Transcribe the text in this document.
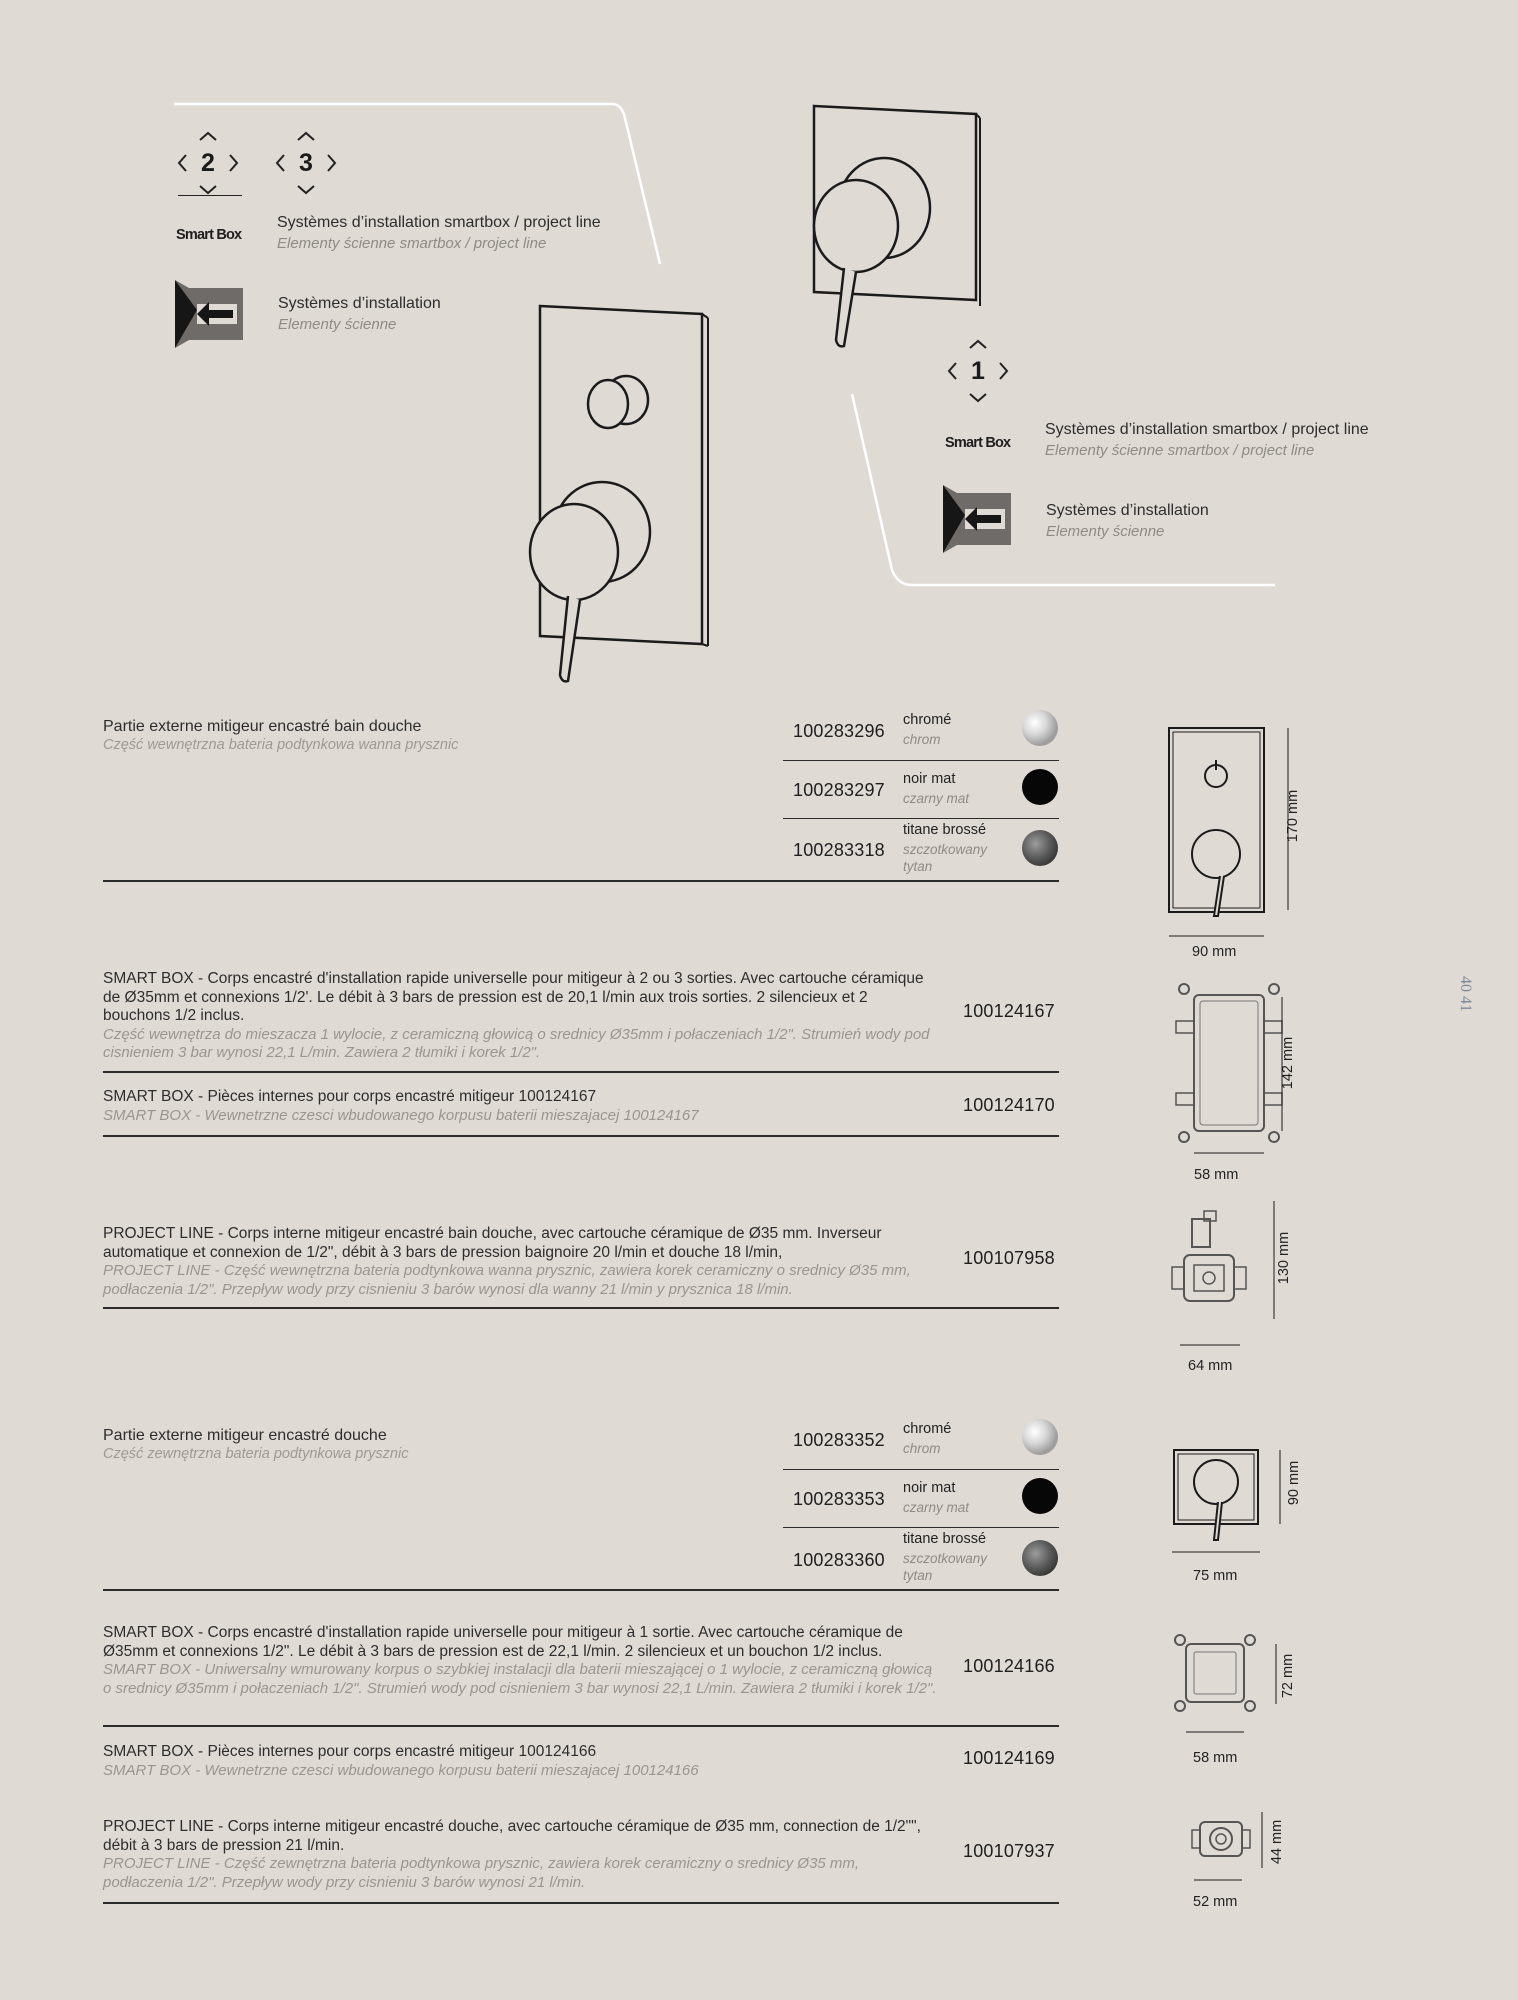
2	3
Smart Box
Systèmes d’installation smartbox / project line
Elementy ścienne smartbox / project line
Systèmes d’installation
Elementy ścienne
1
Smart Box
Systèmes d’installation smartbox / project line
Elementy ścienne smartbox / project line
Systèmes d’installation
Elementy ścienne
Partie externe mitigeur encastré bain douche
Część wewnętrzna bateria podtynkowa wanna prysznic
100283296
chromé
chrom
100283297
noir mat
czarny mat
100283318
titane brossé
szczotkowany tytan
90 mm
170 mm
SMART BOX - Corps encastré d'installation rapide universelle pour mitigeur à 2 ou 3 sorties. Avec cartouche céramique de Ø35mm et connexions 1/2'. Le débit à 3 bars de pression est de 20,1 l/min aux trois sorties. 2 silencieux et 2 bouchons 1/2 inclus.
Część wewnętrza do mieszacza 1 wylocie, z ceramiczną głowicą o srednicy Ø35mm i połaczeniach 1/2". Strumień wody pod cisnieniem 3 bar wynosi 22,1 L/min. Zawiera 2 tłumiki i korek 1/2".
100124167
SMART BOX - Pièces internes pour corps encastré mitigeur 100124167
SMART BOX - Wewnetrzne czesci wbudowanego korpusu baterii mieszajacej 100124167	100124170
58 mm
142 mm
PROJECT LINE - Corps interne mitigeur encastré bain douche, avec cartouche céramique de Ø35 mm. Inverseur automatique et connexion de 1/2", débit à 3 bars de pression baignoire 20 l/min et douche 18 l/min,
PROJECT LINE - Część wewnętrzna bateria podtynkowa wanna prysznic, zawiera korek ceramiczny o srednicy Ø35 mm, podłaczenia 1/2". Przepływ wody przy cisnieniu 3 barów wynosi dla wanny 21 l/min y prysznica 18 l/min.
100107958
64 mm
130 mm
Partie externe mitigeur encastré douche
Część zewnętrzna bateria podtynkowa prysznic
100283352
chromé
chrom
100283353
noir mat
czarny mat
100283360
titane brossé
szczotkowany tytan	75 mm
90 mm
SMART BOX - Corps encastré d'installation rapide universelle pour mitigeur à 1 sortie. Avec cartouche céramique de Ø35mm et connexions 1/2". Le débit à 3 bars de pression est de 22,1 l/min. 2 silencieux et un bouchon 1/2 inclus.
SMART BOX - Uniwersalny wmurowany korpus o szybkiej instalacji dla baterii mieszającej o 1 wylocie, z ceramiczną głowicą o srednicy Ø35mm i połaczeniach 1/2". Strumień wody pod cisnieniem 3 bar wynosi 22,1 L/min. Zawiera 2 tłumiki i korek 1/2".
100124166
58 mm
72 mm
SMART BOX - Pièces internes pour corps encastré mitigeur 100124166
SMART BOX - Wewnetrzne czesci wbudowanego korpusu baterii mieszajacej 100124166
100124169
PROJECT LINE - Corps interne mitigeur encastré douche, avec cartouche céramique de Ø35 mm, connection de 1/2"", débit à 3 bars de pression 21 l/min.
PROJECT LINE - Część zewnętrzna bateria podtynkowa prysznic, zawiera korek ceramiczny o srednicy Ø35 mm, podłaczenia 1/2". Przepływ wody przy cisnieniu 3 barów wynosi 21 l/min.
100107937
52 mm
44 mm
40 41
